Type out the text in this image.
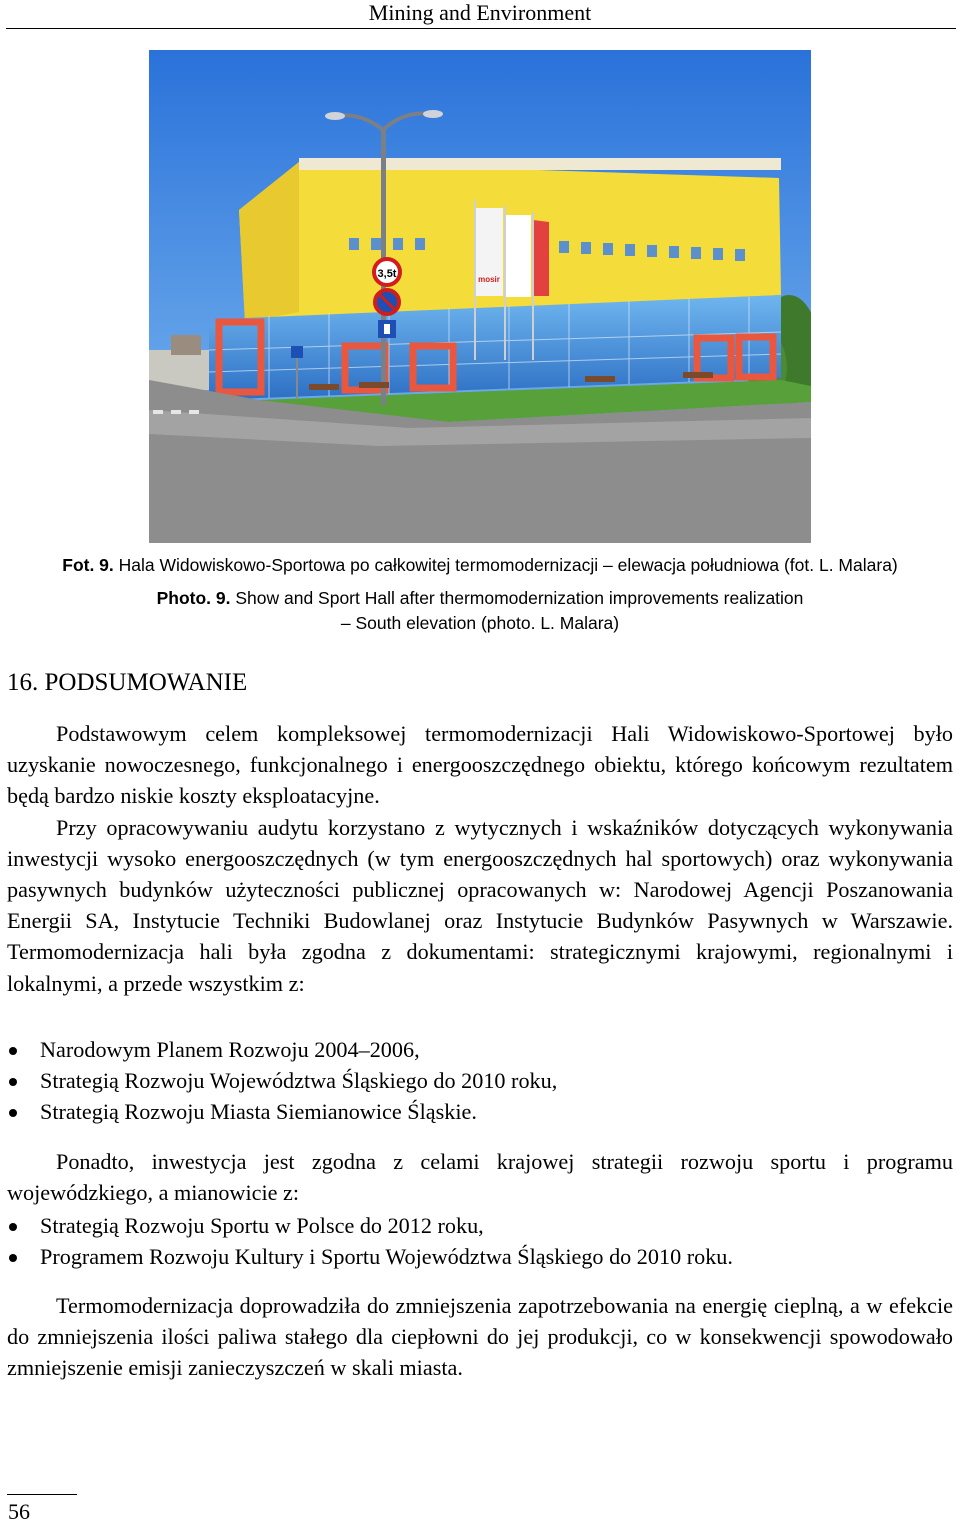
Mining and Environment
3,5t	mosir
Fot. 9. Hala Widowiskowo-Sportowa po całkowitej termomodernizacji – elewacja południowa (fot. L. Malara)
Photo. 9. Show and Sport Hall after thermomodernization improvements realization
– South elevation (photo. L. Malara)
16. PODSUMOWANIE

Podstawowym celem kompleksowej termomodernizacji Hali Widowiskowo-Sportowej było uzyskanie nowoczesnego, funkcjonalnego i energooszczędnego obiektu, którego końcowym rezultatem będą bardzo niskie koszty eksploatacyjne.

Przy opracowywaniu audytu korzystano z wytycznych i wskaźników dotyczących wykonywania inwestycji wysoko energooszczędnych (w tym energooszczędnych hal sportowych) oraz wykonywania pasywnych budynków użyteczności publicznej opracowanych w: Narodowej Agencji Poszanowania Energii SA, Instytucie Techniki Budowlanej oraz Instytucie Budynków Pasywnych w Warszawie. Termomodernizacja hali była zgodna z dokumentami: strategicznymi krajowymi, regionalnymi i lokalnymi, a przede wszystkim z:

Narodowym Planem Rozwoju 2004–2006,
Strategią Rozwoju Województwa Śląskiego do 2010 roku,
Strategią Rozwoju Miasta Siemianowice Śląskie.

Ponadto, inwestycja jest zgodna z celami krajowej strategii rozwoju sportu i programu wojewódzkiego, a mianowicie z:

Strategią Rozwoju Sportu w Polsce do 2012 roku,
Programem Rozwoju Kultury i Sportu Województwa Śląskiego do 2010 roku.

Termomodernizacja doprowadziła do zmniejszenia zapotrzebowania na energię cieplną, a w efekcie do zmniejszenia ilości paliwa stałego dla ciepłowni do jej produkcji, co w konsekwencji spowodowało zmniejszenie emisji zanieczyszczeń w skali miasta.

56
